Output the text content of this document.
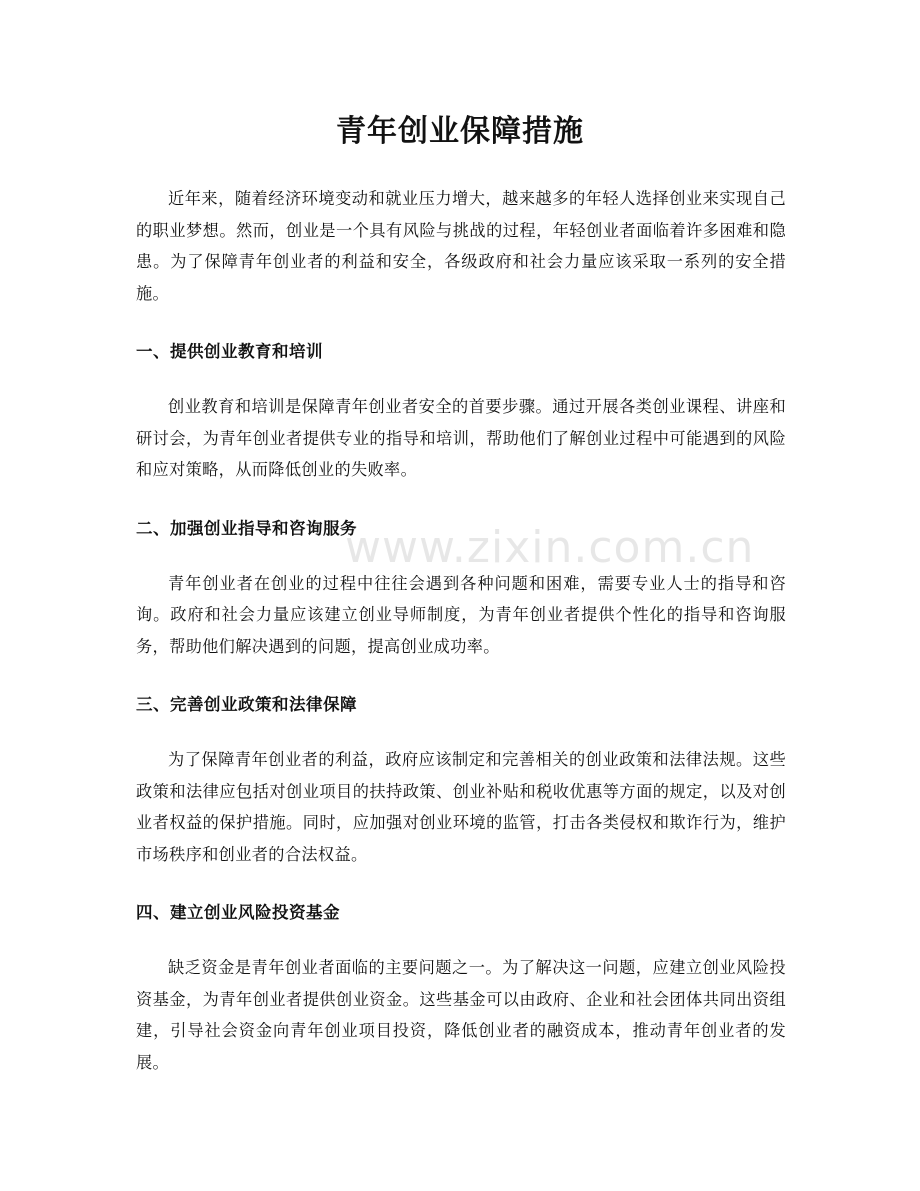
www.zixin.com.cn
青年创业保障措施

近年来，随着经济环境变动和就业压力增大，越来越多的年轻人选择创业来实现自己的职业梦想。然而，创业是一个具有风险与挑战的过程，年轻创业者面临着许多困难和隐患。为了保障青年创业者的利益和安全，各级政府和社会力量应该采取一系列的安全措施。

一、提供创业教育和培训

创业教育和培训是保障青年创业者安全的首要步骤。通过开展各类创业课程、讲座和研讨会，为青年创业者提供专业的指导和培训，帮助他们了解创业过程中可能遇到的风险和应对策略，从而降低创业的失败率。

二、加强创业指导和咨询服务

青年创业者在创业的过程中往往会遇到各种问题和困难，需要专业人士的指导和咨询。政府和社会力量应该建立创业导师制度，为青年创业者提供个性化的指导和咨询服务，帮助他们解决遇到的问题，提高创业成功率。

三、完善创业政策和法律保障

为了保障青年创业者的利益，政府应该制定和完善相关的创业政策和法律法规。这些政策和法律应包括对创业项目的扶持政策、创业补贴和税收优惠等方面的规定，以及对创业者权益的保护措施。同时，应加强对创业环境的监管，打击各类侵权和欺诈行为，维护市场秩序和创业者的合法权益。

四、建立创业风险投资基金

缺乏资金是青年创业者面临的主要问题之一。为了解决这一问题，应建立创业风险投资基金，为青年创业者提供创业资金。这些基金可以由政府、企业和社会团体共同出资组建，引导社会资金向青年创业项目投资，降低创业者的融资成本，推动青年创业者的发展。
